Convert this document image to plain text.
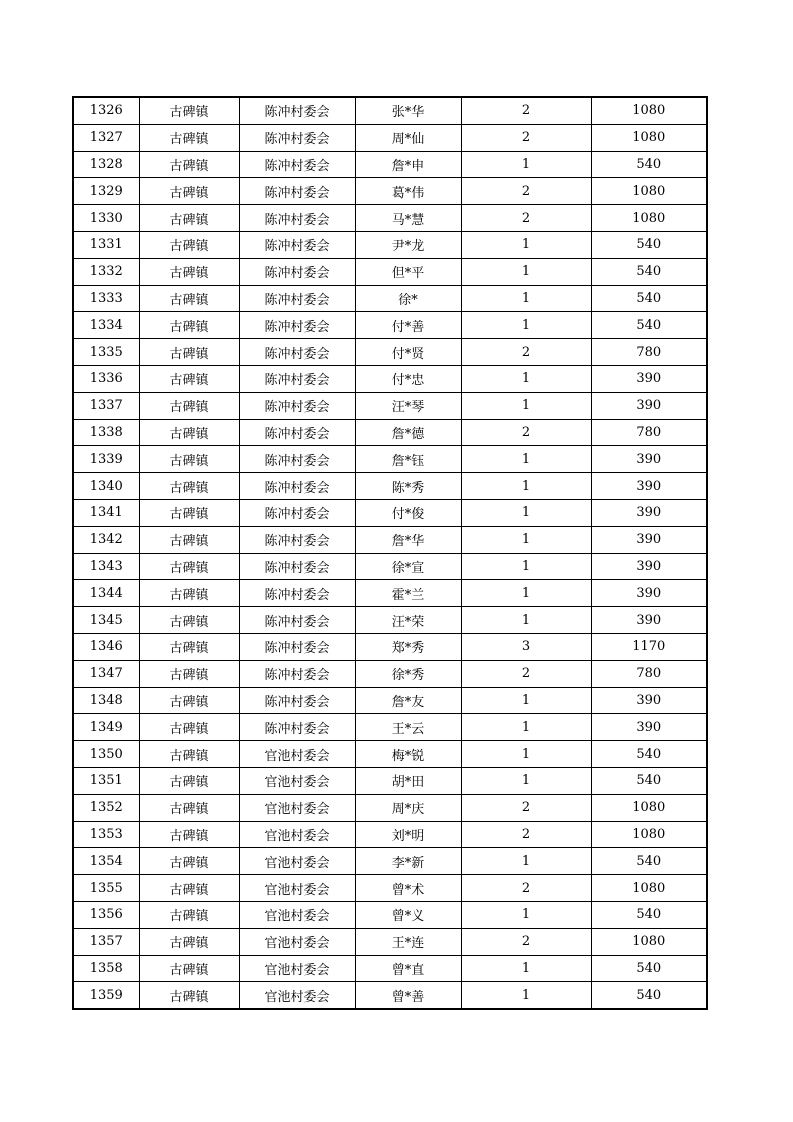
1326	古碑镇	陈冲村委会	张*华	2	1080
1327	古碑镇	陈冲村委会	周*仙	2	1080
1328	古碑镇	陈冲村委会	詹*申	1	540
1329	古碑镇	陈冲村委会	葛*伟	2	1080
1330	古碑镇	陈冲村委会	马*慧	2	1080
1331	古碑镇	陈冲村委会	尹*龙	1	540
1332	古碑镇	陈冲村委会	但*平	1	540
1333	古碑镇	陈冲村委会	徐*	1	540
1334	古碑镇	陈冲村委会	付*善	1	540
1335	古碑镇	陈冲村委会	付*贤	2	780
1336	古碑镇	陈冲村委会	付*忠	1	390
1337	古碑镇	陈冲村委会	汪*琴	1	390
1338	古碑镇	陈冲村委会	詹*德	2	780
1339	古碑镇	陈冲村委会	詹*钰	1	390
1340	古碑镇	陈冲村委会	陈*秀	1	390
1341	古碑镇	陈冲村委会	付*俊	1	390
1342	古碑镇	陈冲村委会	詹*华	1	390
1343	古碑镇	陈冲村委会	徐*宣	1	390
1344	古碑镇	陈冲村委会	霍*兰	1	390
1345	古碑镇	陈冲村委会	汪*荣	1	390
1346	古碑镇	陈冲村委会	郑*秀	3	1170
1347	古碑镇	陈冲村委会	徐*秀	2	780
1348	古碑镇	陈冲村委会	詹*友	1	390
1349	古碑镇	陈冲村委会	王*云	1	390
1350	古碑镇	官池村委会	梅*锐	1	540
1351	古碑镇	官池村委会	胡*田	1	540
1352	古碑镇	官池村委会	周*庆	2	1080
1353	古碑镇	官池村委会	刘*明	2	1080
1354	古碑镇	官池村委会	李*新	1	540
1355	古碑镇	官池村委会	曾*术	2	1080
1356	古碑镇	官池村委会	曾*义	1	540
1357	古碑镇	官池村委会	王*连	2	1080
1358	古碑镇	官池村委会	曾*直	1	540
1359	古碑镇	官池村委会	曾*善	1	540
